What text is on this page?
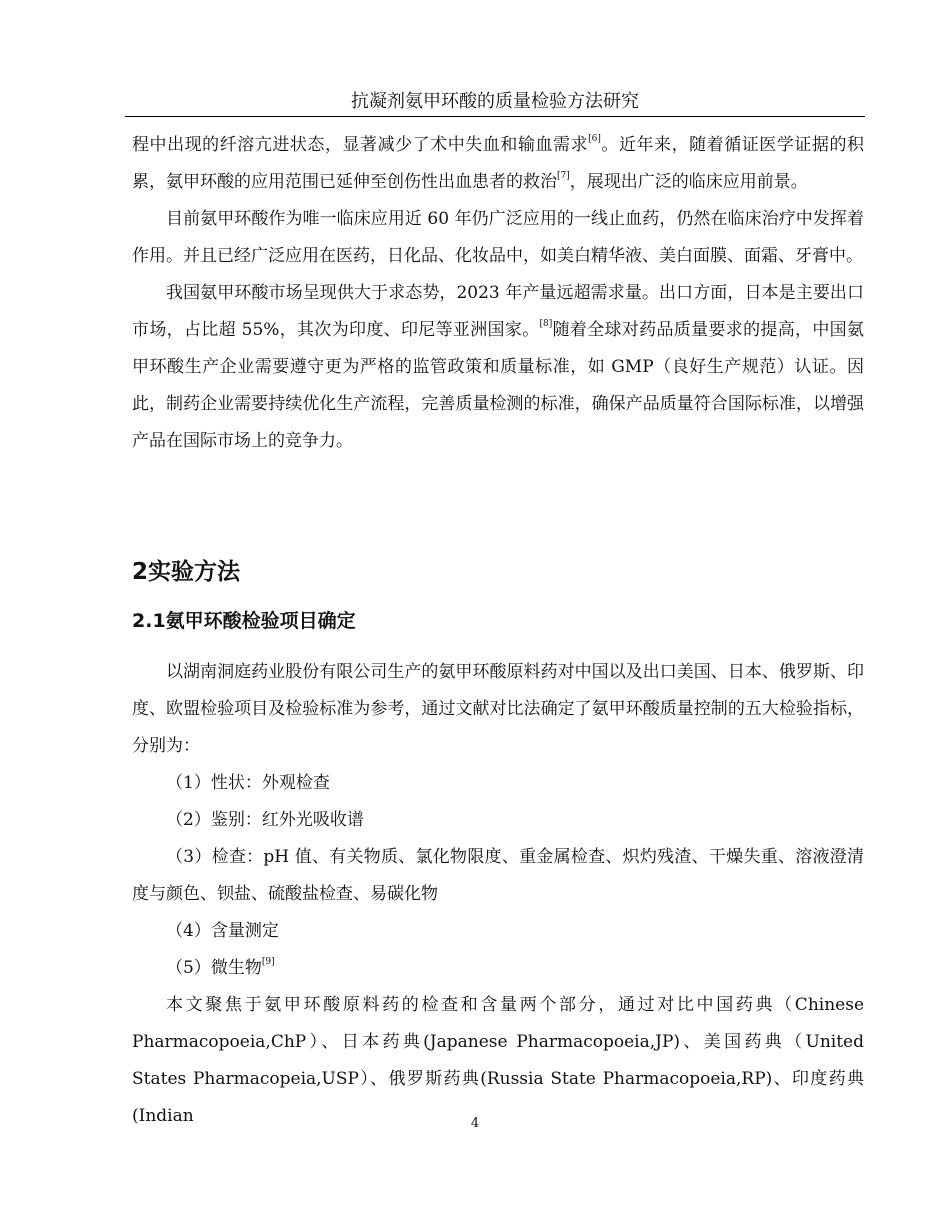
抗凝剂氨甲环酸的质量检验方法研究

程中出现的纤溶亢进状态，显著减少了术中失血和输血需求[6]。近年来，随着循证医学证据的积累，氨甲环酸的应用范围已延伸至创伤性出血患者的救治[7]，展现出广泛的临床应用前景。

目前氨甲环酸作为唯一临床应用近 60 年仍广泛应用的一线止血药，仍然在临床治疗中发挥着作用。并且已经广泛应用在医药，日化品、化妆品中，如美白精华液、美白面膜、面霜、牙膏中。

我国氨甲环酸市场呈现供大于求态势，2023 年产量远超需求量。出口方面，日本是主要出口市场，占比超 55%，其次为印度、印尼等亚洲国家。[8]随着全球对药品质量要求的提高，中国氨甲环酸生产企业需要遵守更为严格的监管政策和质量标准，如 GMP（良好生产规范）认证。因此，制药企业需要持续优化生产流程，完善质量检测的标准，确保产品质量符合国际标准，以增强产品在国际市场上的竞争力。

2实验方法
2.1氨甲环酸检验项目确定

以湖南洞庭药业股份有限公司生产的氨甲环酸原料药对中国以及出口美国、日本、俄罗斯、印度、欧盟检验项目及检验标准为参考，通过文献对比法确定了氨甲环酸质量控制的五大检验指标，分别为：

（1）性状：外观检查

（2）鉴别：红外光吸收谱

（3）检查：pH 值、有关物质、氯化物限度、重金属检查、炽灼残渣、干燥失重、溶液澄清度与颜色、钡盐、硫酸盐检查、易碳化物

（4）含量测定

（5）微生物[9]

本文聚焦于氨甲环酸原料药的检查和含量两个部分，通过对比中国药典（Chinese Pharmacopoeia,ChP）、日本药典(Japanese Pharmacopoeia,JP)、美国药典（United States Pharmacopeia,USP）、俄罗斯药典(Russia State Pharmacopoeia,RP)、印度药典(Indian	4
